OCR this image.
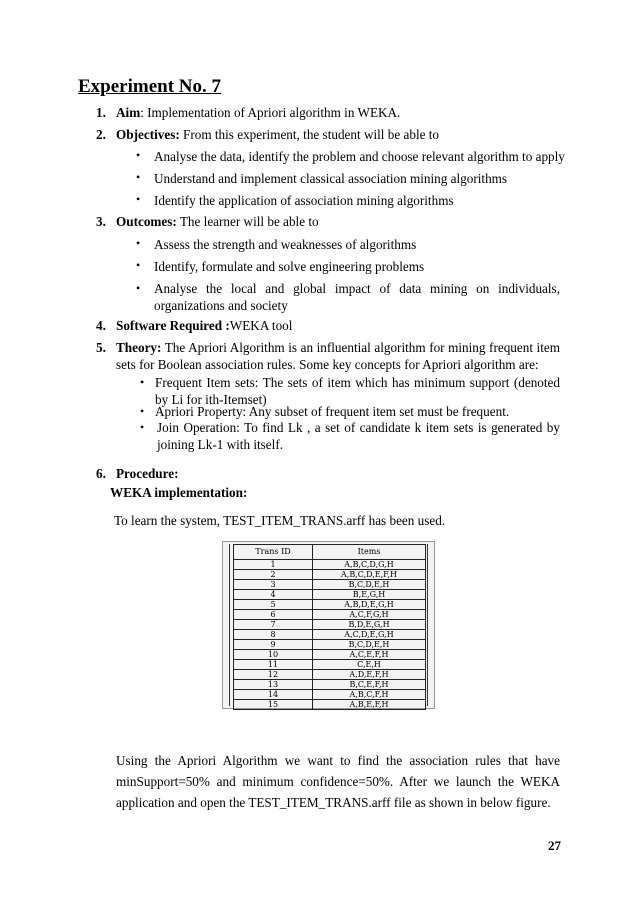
Experiment No. 7
1. Aim: Implementation of Apriori algorithm in WEKA.
2. Objectives: From this experiment, the student will be able to
• Analyse the data, identify the problem and choose relevant algorithm to apply
• Understand and implement classical association mining algorithms
• Identify the application of association mining algorithms
3. Outcomes: The learner will be able to
• Assess the strength and weaknesses of algorithms
• Identify, formulate and solve engineering problems
• Analyse the local and global impact of data mining on individuals, organizations and society
4. Software Required :WEKA tool
5. Theory: The Apriori Algorithm is an influential algorithm for mining frequent item sets for Boolean association rules. Some key concepts for Apriori algorithm are:
• Frequent Item sets: The sets of item which has minimum support (denoted by Li for ith-Itemset)
• Apriori Property: Any subset of frequent item set must be frequent.
• Join Operation: To find Lk , a set of candidate k item sets is generated by joining Lk-1 with itself.
6. Procedure:
WEKA implementation:
To learn the system, TEST_ITEM_TRANS.arff has been used.
Trans ID	Items
1	A,B,C,D,G,H
2	A,B,C,D,E,F,H
3	B,C,D,E,H
4	B,E,G,H
5	A,B,D,E,G,H
6	A,C,F,G,H
7	B,D,E,G,H
8	A,C,D,E,G,H
9	B,C,D,E,H
10	A,C,E,F,H
11	C,E,H
12	A,D,E,F,H
13	B,C,E,F,H
14	A,B,C,F,H
15	A,B,E,F,H
Using the Apriori Algorithm we want to find the association rules that have minSupport=50% and minimum confidence=50%. After we launch the WEKA application and open the TEST_ITEM_TRANS.arff file as shown in below figure.
27
